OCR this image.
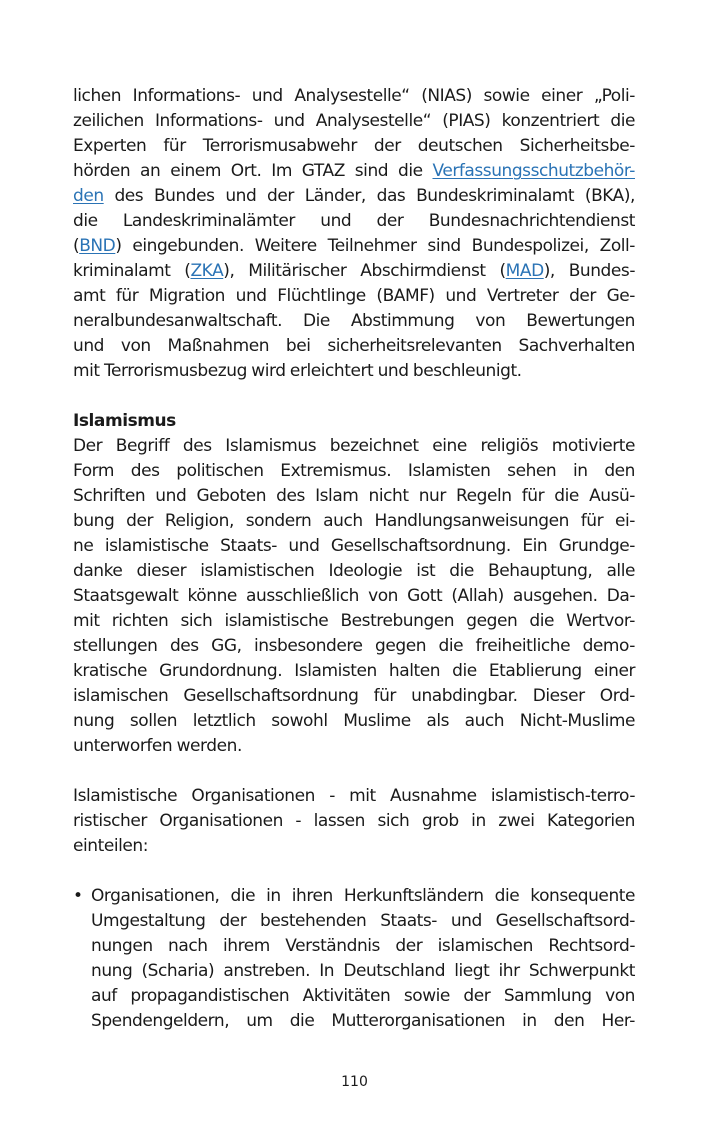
lichen Informations- und Analysestelle“ (NIAS) sowie einer „Poli-
zeilichen Informations- und Analysestelle“ (PIAS) konzentriert die
Experten für Terrorismusabwehr der deutschen Sicherheitsbe-
hörden an einem Ort. Im GTAZ sind die Verfassungsschutzbehör-
den des Bundes und der Länder, das Bundeskriminalamt (BKA),
die Landeskriminalämter und der Bundesnachrichtendienst
(BND) eingebunden. Weitere Teilnehmer sind Bundespolizei, Zoll-
kriminalamt (ZKA), Militärischer Abschirmdienst (MAD), Bundes-
amt für Migration und Flüchtlinge (BAMF) und Vertreter der Ge-
neralbundesanwaltschaft. Die Abstimmung von Bewertungen
und von Maßnahmen bei sicherheitsrelevanten Sachverhalten
mit Terrorismusbezug wird erleichtert und beschleunigt.
Islamismus
Der Begriff des Islamismus bezeichnet eine religiös motivierte
Form des politischen Extremismus. Islamisten sehen in den
Schriften und Geboten des Islam nicht nur Regeln für die Ausü-
bung der Religion, sondern auch Handlungsanweisungen für ei-
ne islamistische Staats- und Gesellschaftsordnung. Ein Grundge-
danke dieser islamistischen Ideologie ist die Behauptung, alle
Staatsgewalt könne ausschließlich von Gott (Allah) ausgehen. Da-
mit richten sich islamistische Bestrebungen gegen die Wertvor-
stellungen des GG, insbesondere gegen die freiheitliche demo-
kratische Grundordnung. Islamisten halten die Etablierung einer
islamischen Gesellschaftsordnung für unabdingbar. Dieser Ord-
nung sollen letztlich sowohl Muslime als auch Nicht-Muslime
unterworfen werden.
Islamistische Organisationen - mit Ausnahme islamistisch-terro-
ristischer Organisationen - lassen sich grob in zwei Kategorien
einteilen:
• Organisationen, die in ihren Herkunftsländern die konsequente
Umgestaltung der bestehenden Staats- und Gesellschaftsord-
nungen nach ihrem Verständnis der islamischen Rechtsord-
nung (Scharia) anstreben. In Deutschland liegt ihr Schwerpunkt
auf propagandistischen Aktivitäten sowie der Sammlung von
Spendengeldern, um die Mutterorganisationen in den Her-
110
